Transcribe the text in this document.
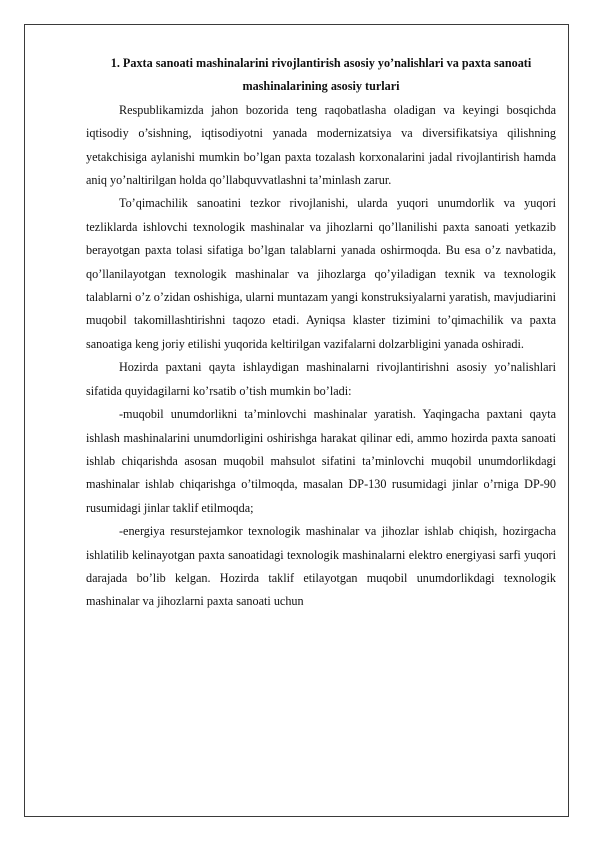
1. Paxta sanoati mashinalarini rivojlantirish asosiy yo’nalishlari va paxta sanoati mashinalarining asosiy turlari

Respublikamizda jahon bozorida teng raqobatlasha oladigan va keyingi bosqichda iqtisodiy o’sishning, iqtisodiyotni yanada modernizatsiya va diversifikatsiya qilishning yetakchisiga aylanishi mumkin bo’lgan paxta tozalash korxonalarini jadal rivojlantirish hamda aniq yo’naltirilgan holda qo’llabquvvatlashni ta’minlash zarur.

To’qimachilik sanoatini tezkor rivojlanishi, ularda yuqori unumdorlik va yuqori tezliklarda ishlovchi texnologik mashinalar va jihozlarni qo’llanilishi paxta sanoati yetkazib berayotgan paxta tolasi sifatiga bo’lgan talablarni yanada oshirmoqda. Bu esa o’z navbatida, qo’llanilayotgan texnologik mashinalar va jihozlarga qo’yiladigan texnik va texnologik talablarni o’z o’zidan oshishiga, ularni muntazam yangi konstruksiyalarni yaratish, mavjudiarini muqobil takomillashtirishni taqozo etadi. Ayniqsa klaster tizimini to’qimachilik va paxta sanoatiga keng joriy etilishi yuqorida keltirilgan vazifalarni dolzarbligini yanada oshiradi.

Hozirda paxtani qayta ishlaydigan mashinalarni rivojlantirishni asosiy yo’nalishlari sifatida quyidagilarni ko’rsatib o’tish mumkin bo’ladi:

-muqobil unumdorlikni ta’minlovchi mashinalar yaratish. Yaqingacha paxtani qayta ishlash mashinalarini unumdorligini oshirishga harakat qilinar edi, ammo hozirda paxta sanoati ishlab chiqarishda asosan muqobil mahsulot sifatini ta’minlovchi muqobil unumdorlikdagi mashinalar ishlab chiqarishga o’tilmoqda, masalan DP-130 rusumidagi jinlar o’rniga DP-90 rusumidagi jinlar taklif etilmoqda;

-energiya resurstejamkor texnologik mashinalar va jihozlar ishlab chiqish, hozirgacha ishlatilib kelinayotgan paxta sanoatidagi texnologik mashinalarni elektro energiyasi sarfi yuqori darajada bo’lib kelgan. Hozirda taklif etilayotgan muqobil unumdorlikdagi texnologik mashinalar va jihozlarni paxta sanoati uchun
